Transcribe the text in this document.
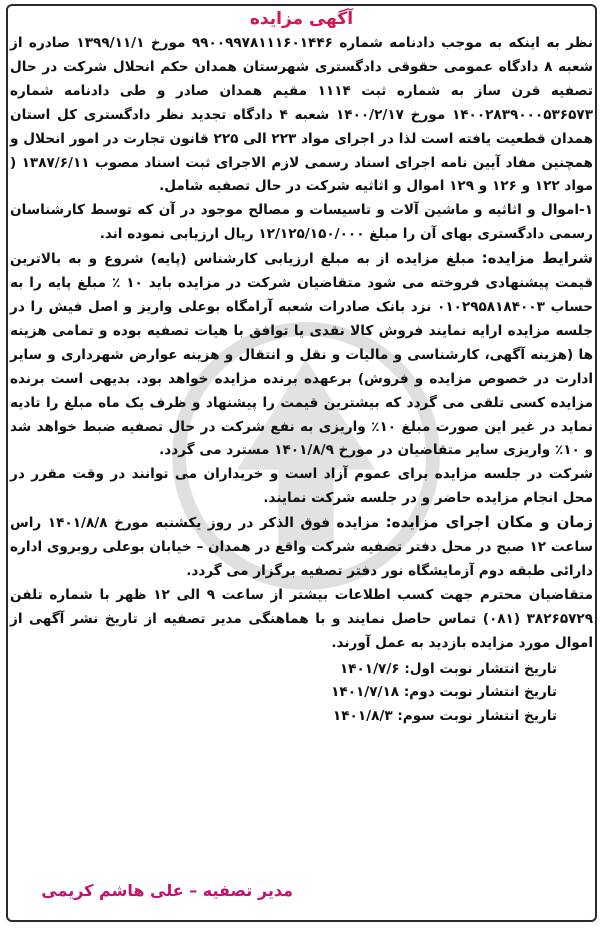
آگهی مزایده

نظر به اینکه به موجب دادنامه شماره ۹۹۰۰۹۹۷۸۱۱۱۶۰۱۴۴۶ مورخ ۱۳۹۹/۱۱/۱ صادره از شعبه ۸ دادگاه عمومی حقوقی دادگستری شهرستان همدان حکم انحلال شرکت در حال تصفیه قرن ساز به شماره ثبت ۱۱۱۴ مقیم همدان صادر و طی دادنامه شماره ۱۴۰۰۲۸۳۹۰۰۰۵۳۶۵۷۳ مورخ ۱۴۰۰/۲/۱۷ شعبه ۴ دادگاه تجدید نظر دادگستری کل استان همدان قطعیت یافته است لذا در اجرای مواد ۲۲۳ الی ۲۲۵ قانون تجارت در امور انحلال و همچنین مفاد آیین نامه اجرای اسناد رسمی لازم الاجرای ثبت اسناد مصوب ۱۳۸۷/۶/۱۱ ( مواد ۱۲۲ و ۱۲۶ و ۱۲۹ اموال و اثاثیه شرکت در حال تصفیه شامل.

۱-اموال و اثاثیه و ماشین آلات و تاسیسات و مصالح موجود در آن که توسط کارشناسان رسمی دادگستری بهای آن را مبلغ ۱۲/۱۲۵/۱۵۰/۰۰۰ ریال ارزیابی نموده اند.

شرایط مزایده: مبلغ مزایده از به مبلغ ارزیابی کارشناس (پایه) شروع و به بالاترین قیمت پیشنهادی فروخته می شود متقاضیان شرکت در مزایده باید ۱۰ ٪ مبلغ پایه را به حساب ۰۱۰۲۹۵۸۱۸۴۰۰۳ نزد بانک صادرات شعبه آرامگاه بوعلی واریز و اصل فیش را در جلسه مزایده ارایه نمایند فروش کالا نقدی یا توافق با هیات تصفیه بوده و تمامی هزینه ها (هزینه آگهی، کارشناسی و مالیات و نقل و انتقال و هزینه عوارض شهرداری و سایر ادارت در خصوص مزایده و فروش) برعهده برنده مزایده خواهد بود. بدیهی است برنده مزایده کسی تلقی می گردد که بیشترین قیمت را پیشنهاد و ظرف یک ماه مبلغ را تادیه نماید در غیر این صورت مبلغ ۱۰٪ واریزی به نفع شرکت در حال تصفیه ضبط خواهد شد و ۱۰٪ واریزی سایر متقاضیان در مورخ ۱۴۰۱/۸/۹ مسترد می گردد.

شرکت در جلسه مزایده برای عموم آزاد است و خریداران می توانند در وقت مقرر در محل انجام مزایده حاضر و در جلسه شرکت نمایند.

زمان و مکان اجرای مزایده: مزایده فوق الذکر در روز یکشنبه مورخ ۱۴۰۱/۸/۸ راس ساعت ۱۲ صبح در محل دفتر تصفیه شرکت واقع در همدان – خیابان بوعلی روبروی اداره دارائی طبقه دوم آزمایشگاه نور دفتر تصفیه برگزار می گردد.

متقاضیان محترم جهت کسب اطلاعات بیشتر از ساعت ۹ الی ۱۲ ظهر با شماره تلفن ۳۸۲۶۵۷۲۹ (۰۸۱) تماس حاصل نمایند و با هماهنگی مدیر تصفیه از تاریخ نشر آگهی از اموال مورد مزایده بازدید به عمل آورند.

تاریخ انتشار نوبت اول: ۱۴۰۱/۷/۶
تاریخ انتشار نوبت دوم: ۱۴۰۱/۷/۱۸
تاریخ انتشار نوبت سوم: ۱۴۰۱/۸/۳
مدیر تصفیه – علی هاشم کریمی
